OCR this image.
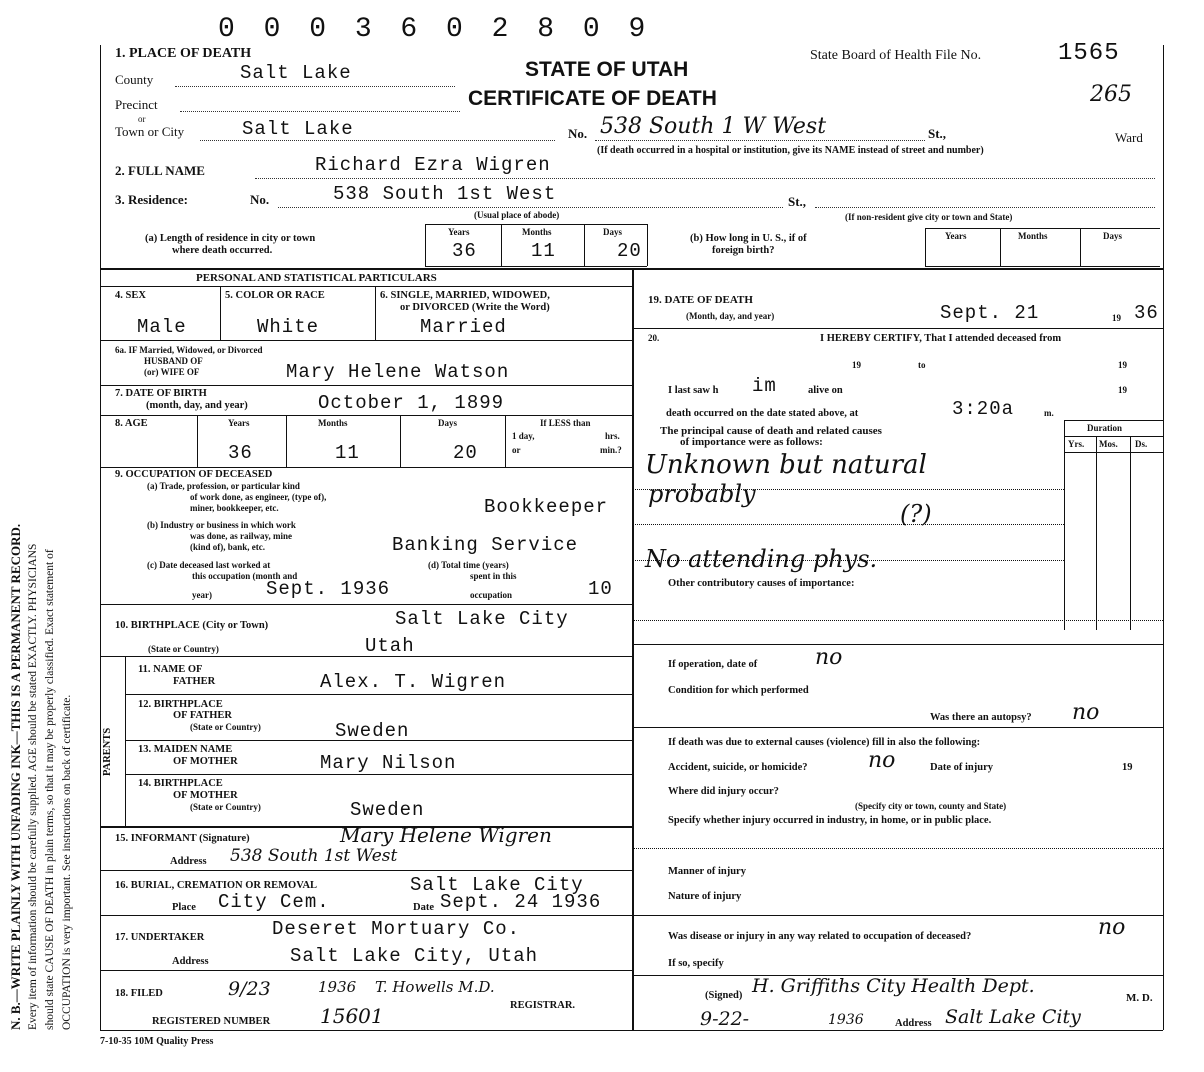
0 0 0 3 6 0 2 8 0 9
N. B.—WRITE PLAINLY WITH UNFADING INK—THIS IS A PERMANENT RECORD. Every item of information should be carefully supplied. AGE should be stated EXACTLY. PHYSICIANS should state CAUSE OF DEATH in plain terms, so that it may be properly classified. Exact statement of OCCUPATION is very important. See instructions on back of certificate.
1. PLACE OF DEATH
STATE OF UTAH
CERTIFICATE OF DEATH
State Board of Health File No.	1565
265
County	Salt Lake
Precinct
or
Town or City	Salt Lake	No. 538 South 1 W West	St.,	Ward
(If death occurred in a hospital or institution, give its NAME instead of street and number)
2. FULL NAME	Richard Ezra Wigren
3. Residence:	No.	538 South 1st West	St.,
(Usual place of abode)	(If non-resident give city or town and State)
(a) Length of residence in city or town
where death occurred.
Years	Months	Days
36	11	20
(b) How long in U. S., if of
foreign birth?
Years	Months	Days
PERSONAL AND STATISTICAL PARTICULARS
4. SEX	5. COLOR OR RACE	6. SINGLE, MARRIED, WIDOWED,
or DIVORCED (Write the Word)
Male	White	Married
6a. IF Married, Widowed, or Divorced
HUSBAND OF
(or) WIFE OF	Mary Helene Watson
7. DATE OF BIRTH
(month, day, and year)	October 1, 1899
8. AGE	Years	Months	Days
36	11	20
If LESS than
1 day,	hrs.
or	min.?
9. OCCUPATION OF DECEASED
(a) Trade, profession, or particular kind
of work done, as engineer, (type of),
miner, bookkeeper, etc.	Bookkeeper
(b) Industry or business in which work
was done, as railway, mine
(kind of), bank, etc.	Banking Service
(c) Date deceased last worked at
this occupation (month and
year)	Sept. 1936
(d) Total time (years)
spent in this
occupation	10
10. BIRTHPLACE (City or Town)	Salt Lake City
(State or Country)	Utah
PARENTS
11. NAME OF
FATHER	Alex. T. Wigren
12. BIRTHPLACE
OF FATHER
(State or Country)	Sweden
13. MAIDEN NAME
OF MOTHER	Mary Nilson
14. BIRTHPLACE
OF MOTHER
(State or Country)	Sweden
15. INFORMANT (Signature)	Mary Helene Wigren
Address 538 South 1st West
16. BURIAL, CREMATION OR REMOVAL	Salt Lake City
Place City Cem.	Date Sept. 24 1936
17. UNDERTAKER	Deseret Mortuary Co.
Address	Salt Lake City, Utah
18. FILED	9/23	1936 T. Howells M.D.
REGISTRAR.
REGISTERED NUMBER 15601
19. DATE OF DEATH
(Month, day, and year)	Sept. 21	19 36
20.	I HEREBY CERTIFY, That I attended deceased from
19	to	19
I last saw h im	alive on	19
death occurred on the date stated above, at	3:20a	m.
The principal cause of death and related causes
of importance were as follows:
Duration
Yrs. Mos. Ds.
Unknown but natural
probably
(?)
No attending phys.
Other contributory causes of importance:
If operation, date of	no
Condition for which performed
Was there an autopsy? no
If death was due to external causes (violence) fill in also the following:
Accident, suicide, or homicide?	no	Date of injury	19
Where did injury occur?
(Specify city or town, county and State)
Specify whether injury occurred in industry, in home, or in public place.
Manner of injury
Nature of injury
Was disease or injury in any way related to occupation of deceased?	no
If so, specify
(Signed) H. Griffiths City Health Dept.
M. D.
9-22-	1936	Address Salt Lake City
7-10-35 10M Quality Press
